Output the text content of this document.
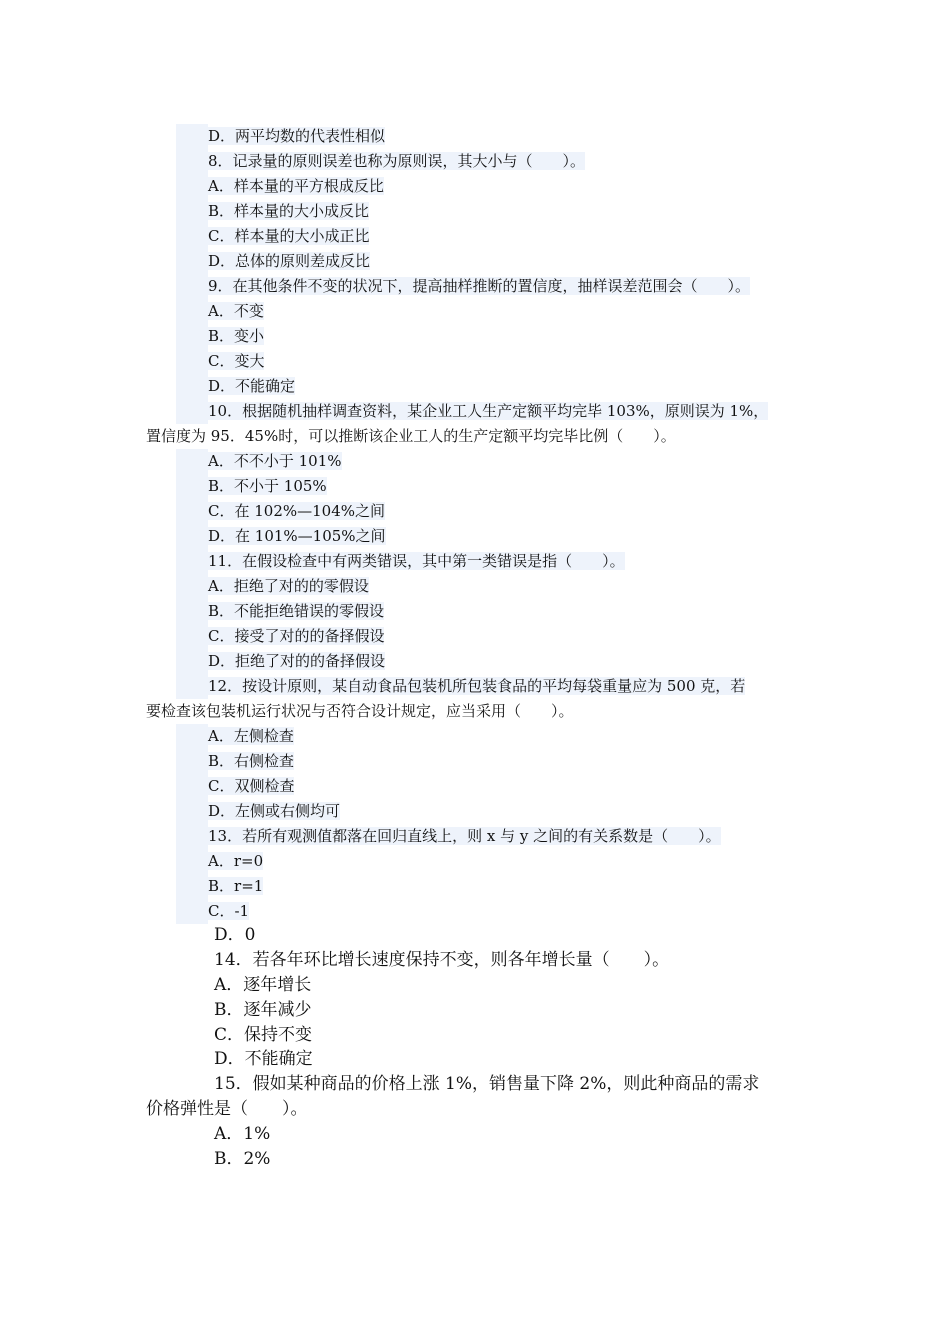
D．两平均数的代表性相似
8．记录量的原则误差也称为原则误，其大小与（　　）。
A．样本量的平方根成反比
B．样本量的大小成反比
C．样本量的大小成正比
D．总体的原则差成反比
9．在其他条件不变的状况下，提高抽样推断的置信度，抽样误差范围会（　　）。
A．不变
B．变小
C．变大
D．不能确定
10．根据随机抽样调查资料，某企业工人生产定额平均完毕 103%，原则误为 1%，
置信度为 95．45%时，可以推断该企业工人的生产定额平均完毕比例（　　）。
A．不不小于 101%
B．不小于 105%
C．在 102%—104%之间
D．在 101%—105%之间
11．在假设检查中有两类错误，其中第一类错误是指（　　）。
A．拒绝了对的的零假设
B．不能拒绝错误的零假设
C．接受了对的的备择假设
D．拒绝了对的的备择假设
12．按设计原则，某自动食品包装机所包装食品的平均每袋重量应为 500 克，若
要检查该包装机运行状况与否符合设计规定，应当采用（　　）。
A．左侧检查
B．右侧检查
C．双侧检查
D．左侧或右侧均可
13．若所有观测值都落在回归直线上，则 x 与 y 之间的有关系数是（　　）。
A．r=0
B．r=1
C．-1
D．0
14．若各年环比增长速度保持不变，则各年增长量（　　）。
A．逐年增长
B．逐年减少
C．保持不变
D．不能确定
15．假如某种商品的价格上涨 1%，销售量下降 2%，则此种商品的需求
价格弹性是（　　）。
A．1%
B．2%
